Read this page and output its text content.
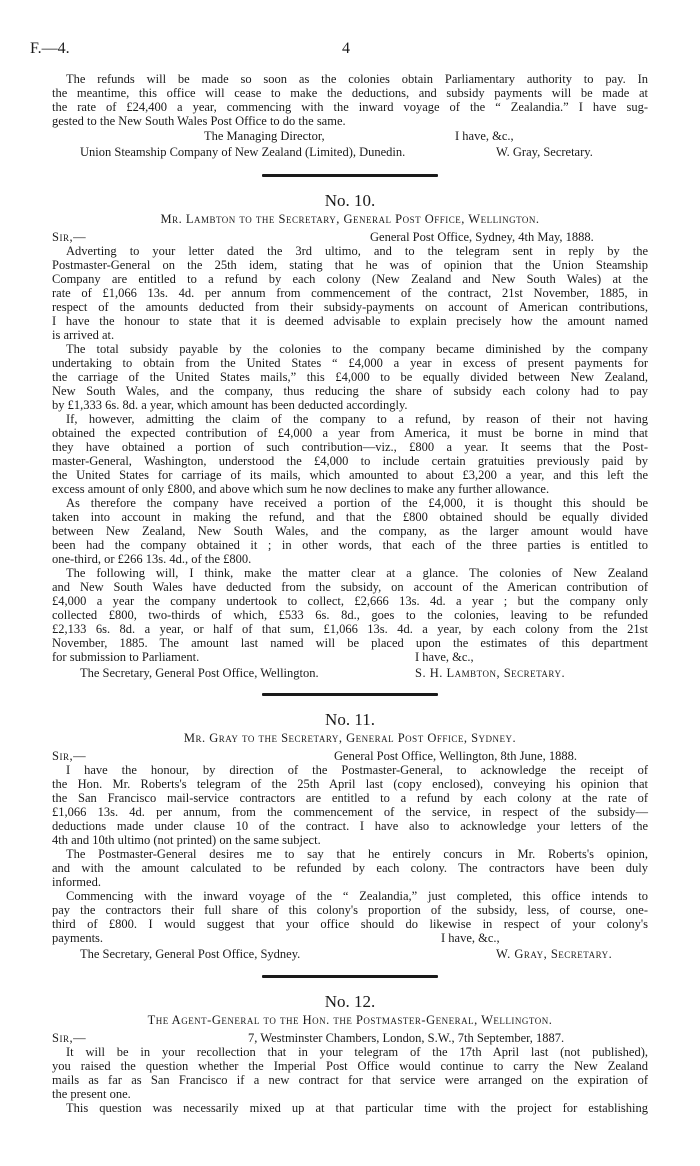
F.—4.	4
The refunds will be made so soon as the colonies obtain Parliamentary authority to pay. In
the meantime, this office will cease to make the deductions, and subsidy payments will be made at
the rate of £24,400 a year, commencing with the inward voyage of the “ Zealandia.” I have sug-
gested to the New South Wales Post Office to do the same.
The Managing Director,	I have, &c.,
Union Steamship Company of New Zealand (Limited), Dunedin.	W. Gray, Secretary.
No. 10.
Mr. Lambton to the Secretary, General Post Office, Wellington.
Sir,—	General Post Office, Sydney, 4th May, 1888.
Adverting to your letter dated the 3rd ultimo, and to the telegram sent in reply by the
Postmaster-General on the 25th idem, stating that he was of opinion that the Union Steamship
Company are entitled to a refund by each colony (New Zealand and New South Wales) at the
rate of £1,066 13s. 4d. per annum from commencement of the contract, 21st November, 1885, in
respect of the amounts deducted from their subsidy-payments on account of American contributions,
I have the honour to state that it is deemed advisable to explain precisely how the amount named
is arrived at.
The total subsidy payable by the colonies to the company became diminished by the company
undertaking to obtain from the United States “ £4,000 a year in excess of present payments for
the carriage of the United States mails,” this £4,000 to be equally divided between New Zealand,
New South Wales, and the company, thus reducing the share of subsidy each colony had to pay
by £1,333 6s. 8d. a year, which amount has been deducted accordingly.
If, however, admitting the claim of the company to a refund, by reason of their not having
obtained the expected contribution of £4,000 a year from America, it must be borne in mind that
they have obtained a portion of such contribution—viz., £800 a year. It seems that the Post-
master-General, Washington, understood the £4,000 to include certain gratuities previously paid by
the United States for carriage of its mails, which amounted to about £3,200 a year, and this left the
excess amount of only £800, and above which sum he now declines to make any further allowance.
As therefore the company have received a portion of the £4,000, it is thought this should be
taken into account in making the refund, and that the £800 obtained should be equally divided
between New Zealand, New South Wales, and the company, as the larger amount would have
been had the company obtained it ; in other words, that each of the three parties is entitled to
one-third, or £266 13s. 4d., of the £800.
The following will, I think, make the matter clear at a glance. The colonies of New Zealand
and New South Wales have deducted from the subsidy, on account of the American contribution of
£4,000 a year the company undertook to collect, £2,666 13s. 4d. a year ; but the company only
collected £800, two-thirds of which, £533 6s. 8d., goes to the colonies, leaving to be refunded
£2,133 6s. 8d. a year, or half of that sum, £1,066 13s. 4d. a year, by each colony from the 21st
November, 1885. The amount last named will be placed upon the estimates of this department
for submission to Parliament.	I have, &c.,
The Secretary, General Post Office, Wellington.	S. H. Lambton, Secretary.
No. 11.
Mr. Gray to the Secretary, General Post Office, Sydney.
Sir,—	General Post Office, Wellington, 8th June, 1888.
I have the honour, by direction of the Postmaster-General, to acknowledge the receipt of
the Hon. Mr. Roberts's telegram of the 25th April last (copy enclosed), conveying his opinion that
the San Francisco mail-service contractors are entitled to a refund by each colony at the rate of
£1,066 13s. 4d. per annum, from the commencement of the service, in respect of the subsidy—
deductions made under clause 10 of the contract. I have also to acknowledge your letters of the
4th and 10th ultimo (not printed) on the same subject.
The Postmaster-General desires me to say that he entirely concurs in Mr. Roberts's opinion,
and with the amount calculated to be refunded by each colony. The contractors have been duly
informed.
Commencing with the inward voyage of the “ Zealandia,” just completed, this office intends to
pay the contractors their full share of this colony's proportion of the subsidy, less, of course, one-
third of £800. I would suggest that your office should do likewise in respect of your colony's
payments.	I have, &c.,
The Secretary, General Post Office, Sydney.	W. Gray, Secretary.
No. 12.
The Agent-General to the Hon. the Postmaster-General, Wellington.
Sir,—	7, Westminster Chambers, London, S.W., 7th September, 1887.
It will be in your recollection that in your telegram of the 17th April last (not published),
you raised the question whether the Imperial Post Office would continue to carry the New Zealand
mails as far as San Francisco if a new contract for that service were arranged on the expiration of
the present one.
This question was necessarily mixed up at that particular time with the project for establishing
